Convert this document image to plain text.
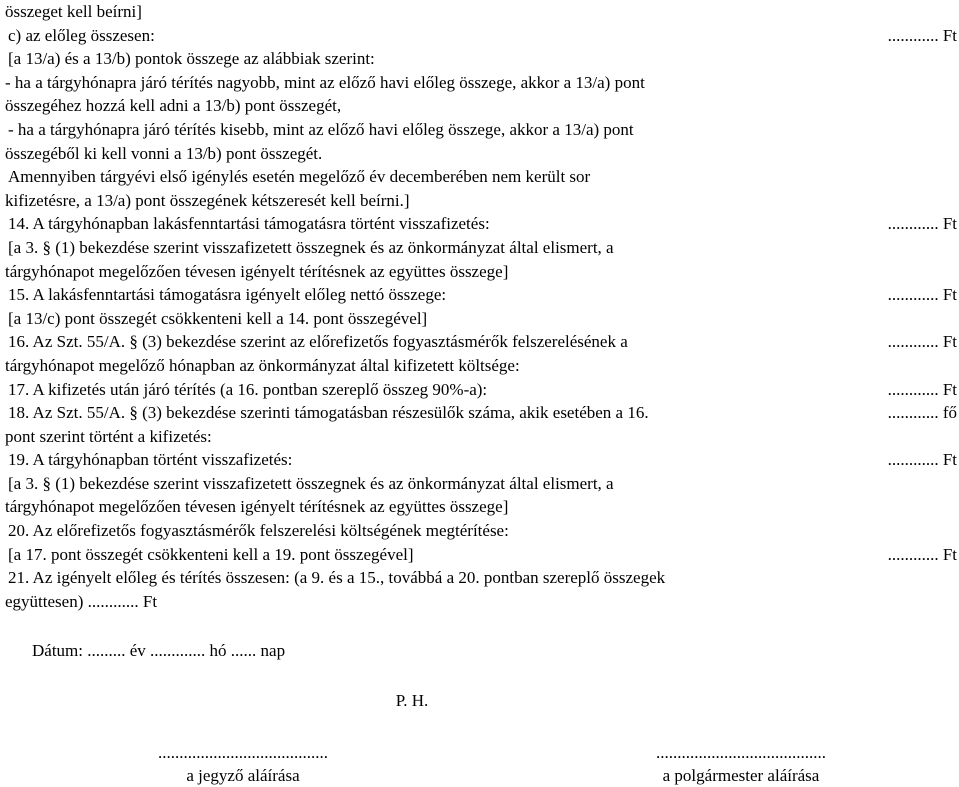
összeget kell beírni]
c) az előleg összesen:	............ Ft
[a 13/a) és a 13/b) pontok összege az alábbiak szerint:
- ha a tárgyhónapra járó térítés nagyobb, mint az előző havi előleg összege, akkor a 13/a) pont
összegéhez hozzá kell adni a 13/b) pont összegét,
- ha a tárgyhónapra járó térítés kisebb, mint az előző havi előleg összege, akkor a 13/a) pont
összegéből ki kell vonni a 13/b) pont összegét.
Amennyiben tárgyévi első igénylés esetén megelőző év decemberében nem került sor
kifizetésre, a 13/a) pont összegének kétszeresét kell beírni.]
14. A tárgyhónapban lakásfenntartási támogatásra történt visszafizetés:	............ Ft
[a 3. § (1) bekezdése szerint visszafizetett összegnek és az önkormányzat által elismert, a
tárgyhónapot megelőzően tévesen igényelt térítésnek az együttes összege]
15. A lakásfenntartási támogatásra igényelt előleg nettó összege:	............ Ft
[a 13/c) pont összegét csökkenteni kell a 14. pont összegével]
16. Az Szt. 55/A. § (3) bekezdése szerint az előrefizetős fogyasztásmérők felszerelésének a	............ Ft
tárgyhónapot megelőző hónapban az önkormányzat által kifizetett költsége:
17. A kifizetés után járó térítés (a 16. pontban szereplő összeg 90%-a):	............ Ft
18. Az Szt. 55/A. § (3) bekezdése szerinti támogatásban részesülők száma, akik esetében a 16.	............ fő
pont szerint történt a kifizetés:
19. A tárgyhónapban történt visszafizetés:	............ Ft
[a 3. § (1) bekezdése szerint visszafizetett összegnek és az önkormányzat által elismert, a
tárgyhónapot megelőzően tévesen igényelt térítésnek az együttes összege]
20. Az előrefizetős fogyasztásmérők felszerelési költségének megtérítése:
[a 17. pont összegét csökkenteni kell a 19. pont összegével]	............ Ft
21. Az igényelt előleg és térítés összesen: (a 9. és a 15., továbbá a 20. pontban szereplő összegek
együttesen) ............ Ft
Dátum: ......... év ............. hó ...... nap
P. H.
........................................	........................................
a jegyző aláírása	a polgármester aláírása
